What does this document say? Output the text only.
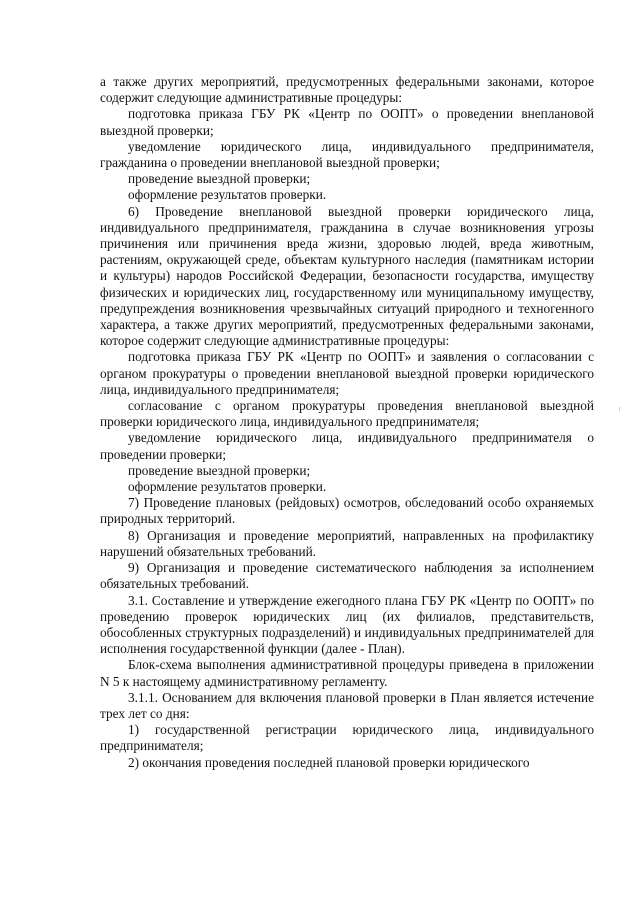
а также других мероприятий, предусмотренных федеральными законами, которое содержит следующие административные процедуры:

подготовка приказа ГБУ РК «Центр по ООПТ» о проведении внеплановой выездной проверки;

уведомление юридического лица, индивидуального предпринимателя, гражданина о проведении внеплановой выездной проверки;

проведение выездной проверки;

оформление результатов проверки.

6) Проведение внеплановой выездной проверки юридического лица, индивидуального предпринимателя, гражданина в случае возникновения угрозы причинения или причинения вреда жизни, здоровью людей, вреда животным, растениям, окружающей среде, объектам культурного наследия (памятникам истории и культуры) народов Российской Федерации, безопасности государства, имуществу физических и юридических лиц, государственному или муниципальному имуществу, предупреждения возникновения чрезвычайных ситуаций природного и техногенного характера, а также других мероприятий, предусмотренных федеральными законами, которое содержит следующие административные процедуры:

подготовка приказа ГБУ РК «Центр по ООПТ» и заявления о согласовании с органом прокуратуры о проведении внеплановой выездной проверки юридического лица, индивидуального предпринимателя;

согласование с органом прокуратуры проведения внеплановой выездной проверки юридического лица, индивидуального предпринимателя;

уведомление юридического лица, индивидуального предпринимателя о проведении проверки;

проведение выездной проверки;

оформление результатов проверки.

7) Проведение плановых (рейдовых) осмотров, обследований особо охраняемых природных территорий.

8) Организация и проведение мероприятий, направленных на профилактику нарушений обязательных требований.

9) Организация и проведение систематического наблюдения за исполнением обязательных требований.

3.1. Составление и утверждение ежегодного плана ГБУ РК «Центр по ООПТ» по проведению проверок юридических лиц (их филиалов, представительств, обособленных структурных подразделений) и индивидуальных предпринимателей для исполнения государственной функции (далее - План).

Блок-схема выполнения административной процедуры приведена в приложении N 5 к настоящему административному регламенту.

3.1.1. Основанием для включения плановой проверки в План является истечение трех лет со дня:

1) государственной регистрации юридического лица, индивидуального предпринимателя;

2) окончания проведения последней плановой проверки юридического
